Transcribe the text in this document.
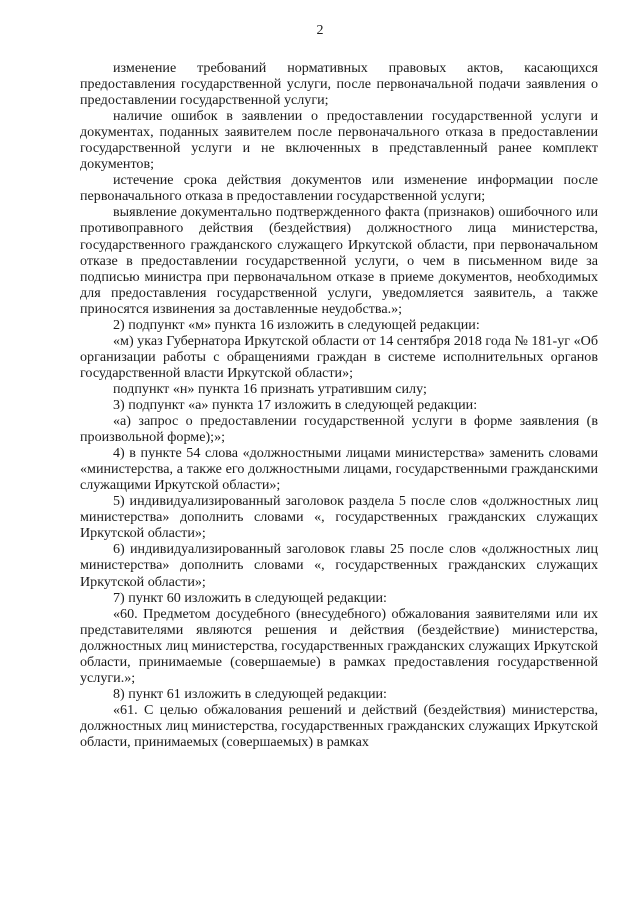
2

изменение требований нормативных правовых актов, касающихся предоставления государственной услуги, после первоначальной подачи заявления о предоставлении государственной услуги;

наличие ошибок в заявлении о предоставлении государственной услуги и документах, поданных заявителем после первоначального отказа в предоставлении государственной услуги и не включенных в представленный ранее комплект документов;

истечение срока действия документов или изменение информации после первоначального отказа в предоставлении государственной услуги;

выявление документально подтвержденного факта (признаков) ошибочного или противоправного действия (бездействия) должностного лица министерства, государственного гражданского служащего Иркутской области, при первоначальном отказе в предоставлении государственной услуги, о чем в письменном виде за подписью министра при первоначальном отказе в приеме документов, необходимых для предоставления государственной услуги, уведомляется заявитель, а также приносятся извинения за доставленные неудобства.»;

2) подпункт «м» пункта 16 изложить в следующей редакции:

«м) указ Губернатора Иркутской области от 14 сентября 2018 года № 181-уг «Об организации работы с обращениями граждан в системе исполнительных органов государственной власти Иркутской области»;

подпункт «н» пункта 16 признать утратившим силу;

3) подпункт «а» пункта 17 изложить в следующей редакции:

«а) запрос о предоставлении государственной услуги в форме заявления (в произвольной форме);»;

4) в пункте 54 слова «должностными лицами министерства» заменить словами «министерства, а также его должностными лицами, государственными гражданскими служащими Иркутской области»;

5) индивидуализированный заголовок раздела 5 после слов «должностных лиц министерства» дополнить словами «, государственных гражданских служащих Иркутской области»;

6) индивидуализированный заголовок главы 25 после слов «должностных лиц министерства» дополнить словами «, государственных гражданских служащих Иркутской области»;

7) пункт 60 изложить в следующей редакции:

«60. Предметом досудебного (внесудебного) обжалования заявителями или их представителями являются решения и действия (бездействие) министерства, должностных лиц министерства, государственных гражданских служащих Иркутской области, принимаемые (совершаемые) в рамках предоставления государственной услуги.»;

8) пункт 61 изложить в следующей редакции:

«61. С целью обжалования решений и действий (бездействия) министерства, должностных лиц министерства, государственных гражданских служащих Иркутской области, принимаемых (совершаемых) в рамках
